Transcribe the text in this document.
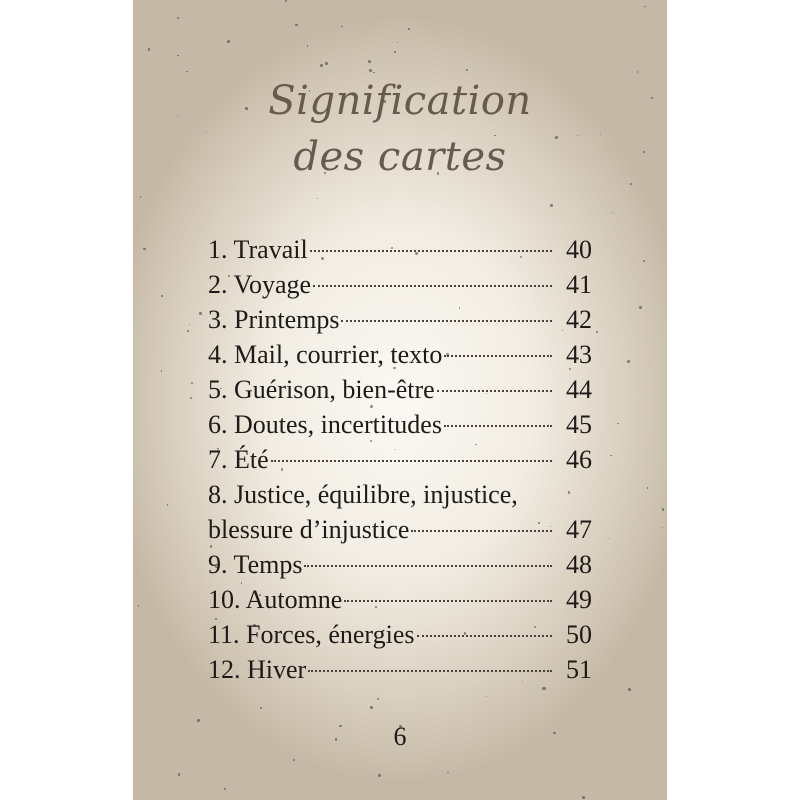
Signification
des cartes
1. Travail	40
2. Voyage	41
3. Printemps	42
4. Mail, courrier, texto	43
5. Guérison, bien-être	44
6. Doutes, incertitudes	45
7. Été	46
8. Justice, équilibre, injustice,
blessure d’injustice	47
9. Temps	48
10. Automne	49
11. Forces, énergies	50
12. Hiver	51
6
